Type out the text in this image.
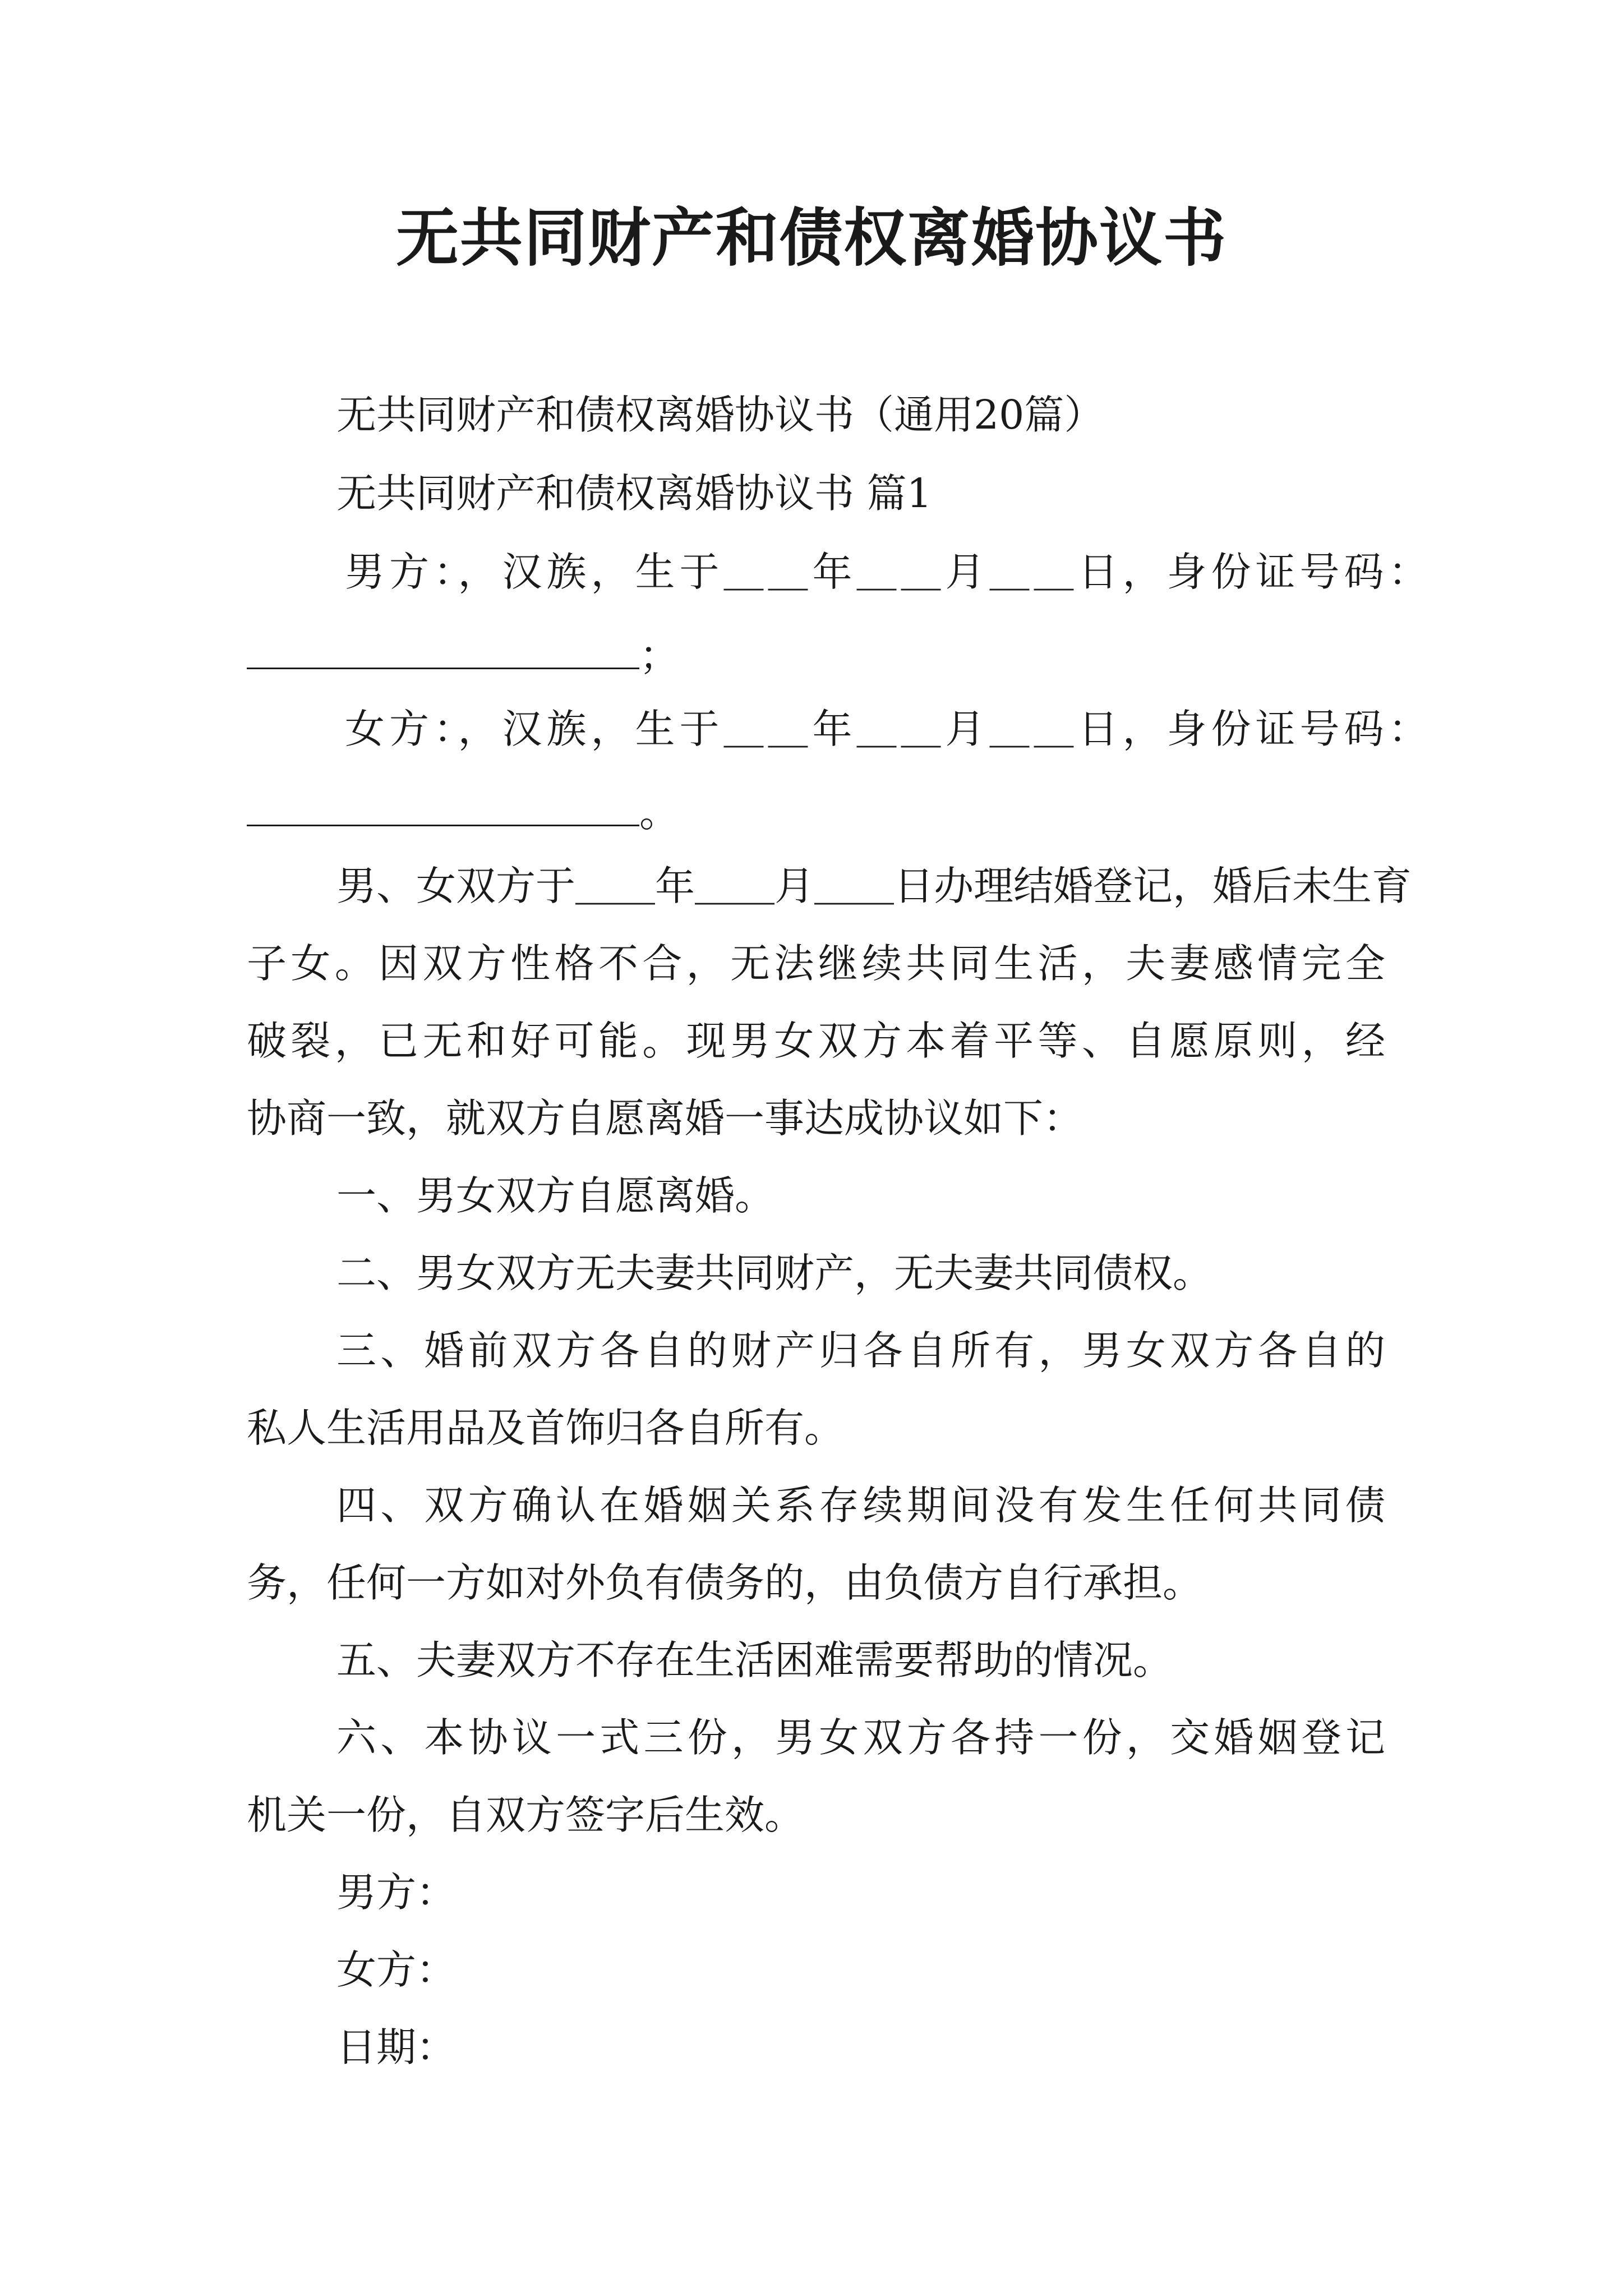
无共同财产和债权离婚协议书
无共同财产和债权离婚协议书（通用20篇）
无共同财产和债权离婚协议书 篇1
男方：，汉族，生于＿＿年＿＿月＿＿日，身份证号码：
；
女方：，汉族，生于＿＿年＿＿月＿＿日，身份证号码：
。
男、女双方于＿＿年＿＿月＿＿日办理结婚登记，婚后未生育
子女。因双方性格不合，无法继续共同生活，夫妻感情完全
破裂，已无和好可能。现男女双方本着平等、自愿原则，经
协商一致，就双方自愿离婚一事达成协议如下：
一、男女双方自愿离婚。
二、男女双方无夫妻共同财产，无夫妻共同债权。
三、婚前双方各自的财产归各自所有，男女双方各自的
私人生活用品及首饰归各自所有。
四、双方确认在婚姻关系存续期间没有发生任何共同债
务，任何一方如对外负有债务的，由负债方自行承担。
五、夫妻双方不存在生活困难需要帮助的情况。
六、本协议一式三份，男女双方各持一份，交婚姻登记
机关一份，自双方签字后生效。
男方：
女方：
日期：
